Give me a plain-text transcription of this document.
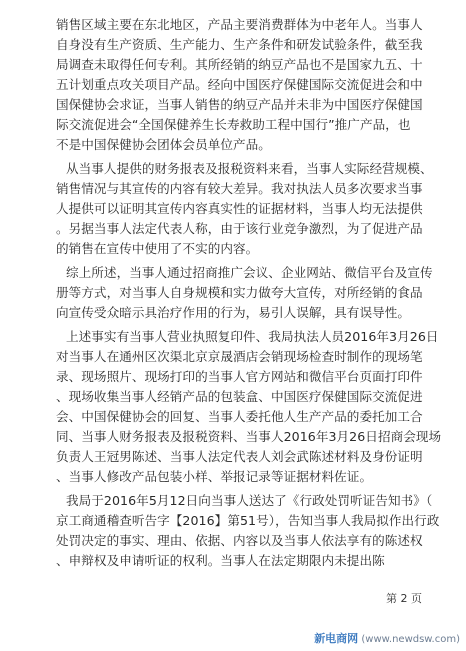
销售区域主要在东北地区，产品主要消费群体为中老年人。当事人
自身没有生产资质、生产能力、生产条件和研发试验条件，截至我
局调查未取得任何专利。其所经销的纳豆产品也不是国家九五、十
五计划重点攻关项目产品。经向中国医疗保健国际交流促进会和中
国保健协会求证，当事人销售的纳豆产品并未非为中国医疗保健国
际交流促进会“全国保健养生长寿救助工程中国行”推广产品，也
不是中国保健协会团体会员单位产品。
从当事人提供的财务报表及报税资料来看，当事人实际经营规模、
销售情况与其宣传的内容有较大差异。我对执法人员多次要求当事
人提供可以证明其宣传内容真实性的证据材料，当事人均无法提供
。另据当事人法定代表人称，由于该行业竞争激烈，为了促进产品
的销售在宣传中使用了不实的内容。
综上所述，当事人通过招商推广会议、企业网站、微信平台及宣传
册等方式，对当事人自身规模和实力做夸大宣传，对所经销的食品
向宣传受众暗示具治疗作用的行为，易引人误解，具有误导性。
上述事实有当事人营业执照复印件、我局执法人员2016年3月26日
对当事人在通州区次渠北京京晟酒店会销现场检查时制作的现场笔
录、现场照片、现场打印的当事人官方网站和微信平台页面打印件
、现场收集当事人经销产品的包装盒、中国医疗保健国际交流促进
会、中国保健协会的回复、当事人委托他人生产产品的委托加工合
同、当事人财务报表及报税资料、当事人2016年3月26日招商会现场
负责人王冠男陈述、当事人法定代表人刘会武陈述材料及身份证明
、当事人修改产品包装小样、举报记录等证据材料佐证。
我局于2016年5月12日向当事人送达了《行政处罚听证告知书》（
京工商通稽查听告字【2016】第51号），告知当事人我局拟作出行政
处罚决定的事实、理由、依据、内容以及当事人依法享有的陈述权
、申辩权及申请听证的权利。当事人在法定期限内未提出陈
第 2 页
新电商网 (www.newdsw.com)
